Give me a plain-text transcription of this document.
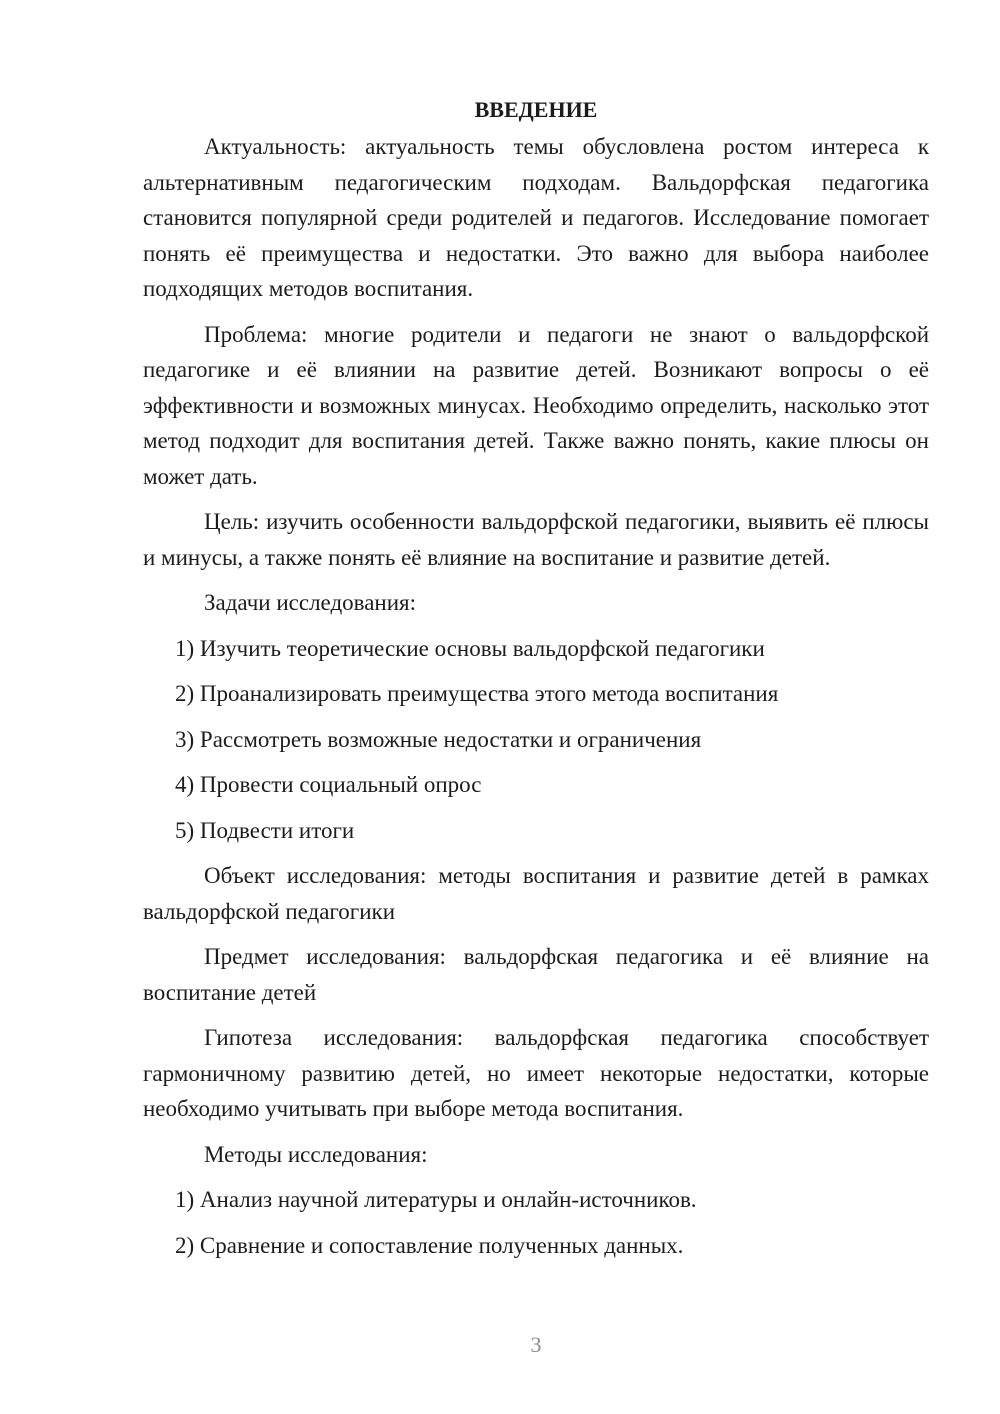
ВВЕДЕНИЕ

Актуальность: актуальность темы обусловлена ростом интереса к альтернативным педагогическим подходам. Вальдорфская педагогика становится популярной среди родителей и педагогов. Исследование помогает понять её преимущества и недостатки. Это важно для выбора наиболее подходящих методов воспитания.

Проблема: многие родители и педагоги не знают о вальдорфской педагогике и её влиянии на развитие детей. Возникают вопросы о её эффективности и возможных минусах. Необходимо определить, насколько этот метод подходит для воспитания детей. Также важно понять, какие плюсы он может дать.

Цель: изучить особенности вальдорфской педагогики, выявить её плюсы и минусы, а также понять её влияние на воспитание и развитие детей.

Задачи исследования:

1) Изучить теоретические основы вальдорфской педагогики

2) Проанализировать преимущества этого метода воспитания

3) Рассмотреть возможные недостатки и ограничения

4) Провести социальный опрос

5) Подвести итоги

Объект исследования: методы воспитания и развитие детей в рамках вальдорфской педагогики

Предмет исследования: вальдорфская педагогика и её влияние на воспитание детей

Гипотеза исследования: вальдорфская педагогика способствует гармоничному развитию детей, но имеет некоторые недостатки, которые необходимо учитывать при выборе метода воспитания.

Методы исследования:

1) Анализ научной литературы и онлайн-источников.

2) Сравнение и сопоставление полученных данных.

3
